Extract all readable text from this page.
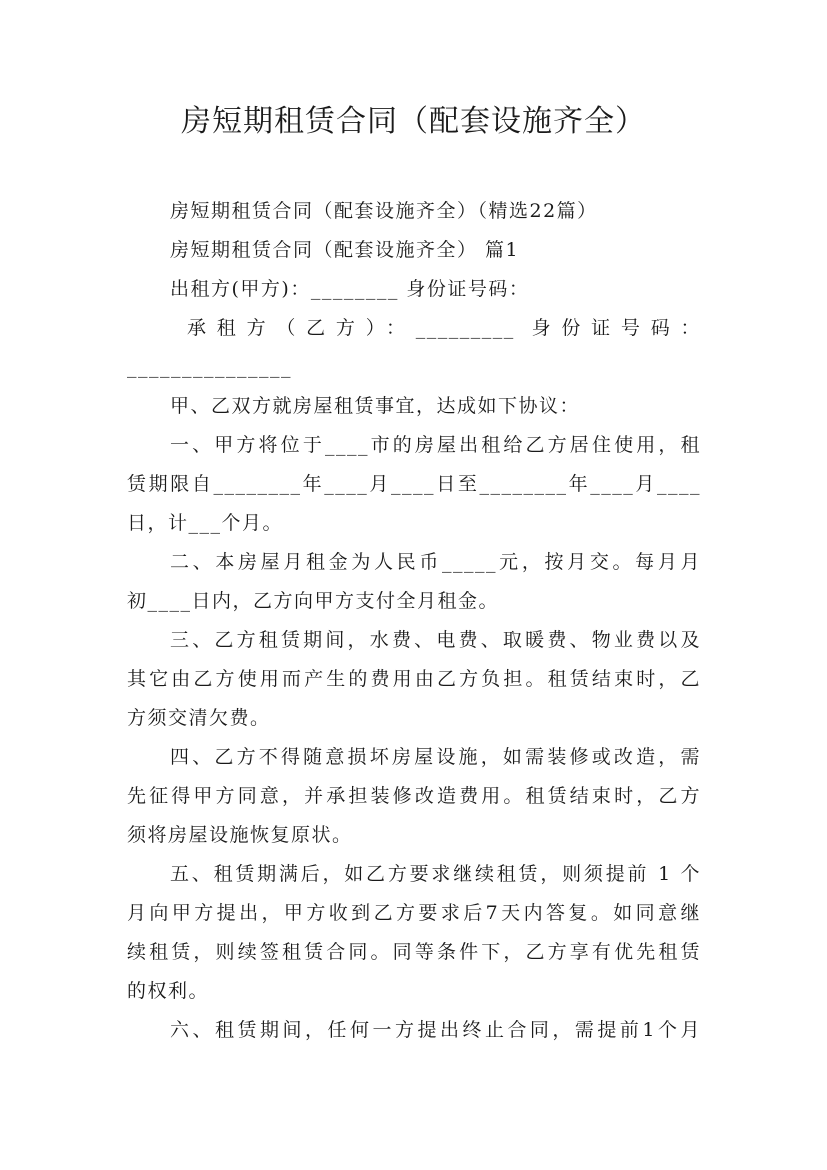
房短期租赁合同（配套设施齐全）
房短期租赁合同（配套设施齐全）（精选22篇）
房短期租赁合同（配套设施齐全） 篇1
出租方(甲方)：________ 身份证号码：
承租方（乙方）：_________ 身份证号码：
_______________
甲、乙双方就房屋租赁事宜，达成如下协议：
一、甲方将位于____市的房屋出租给乙方居住使用，租
赁期限自________年____月____日至________年____月____
日，计___个月。
二、本房屋月租金为人民币_____元，按月交。每月月
初____日内，乙方向甲方支付全月租金。
三、乙方租赁期间，水费、电费、取暖费、物业费以及
其它由乙方使用而产生的费用由乙方负担。租赁结束时，乙
方须交清欠费。
四、乙方不得随意损坏房屋设施，如需装修或改造，需
先征得甲方同意，并承担装修改造费用。租赁结束时，乙方
须将房屋设施恢复原状。
五、租赁期满后，如乙方要求继续租赁，则须提前 1 个
月向甲方提出，甲方收到乙方要求后7天内答复。如同意继
续租赁，则续签租赁合同。同等条件下，乙方享有优先租赁
的权利。
六、租赁期间，任何一方提出终止合同，需提前1个月
